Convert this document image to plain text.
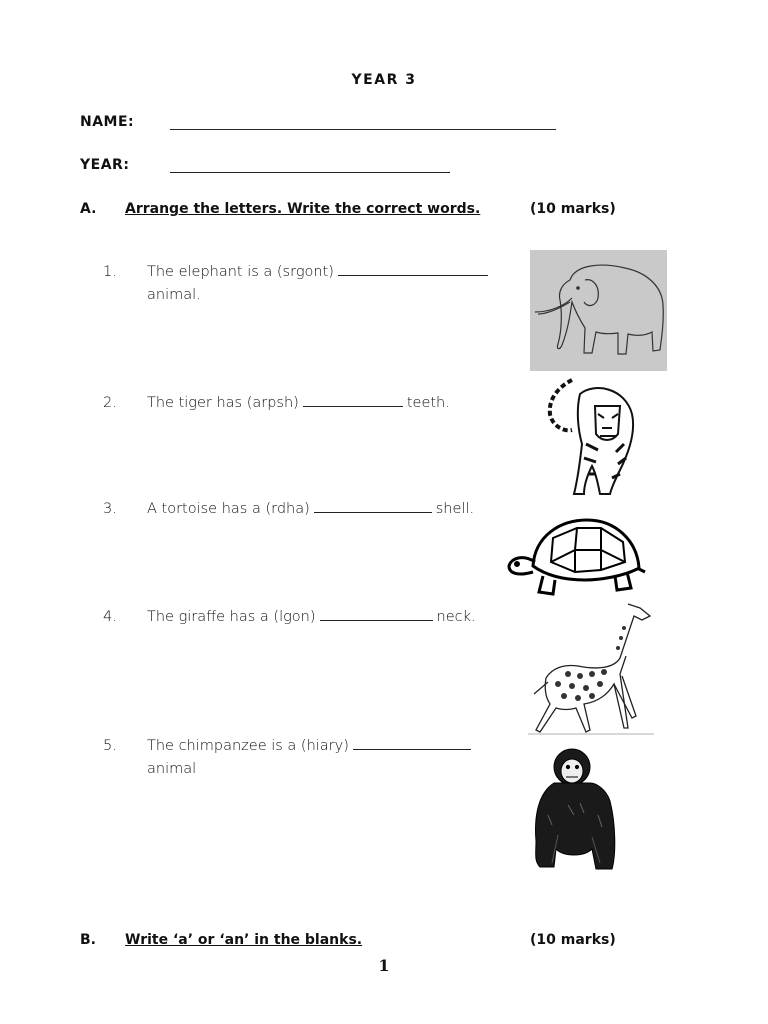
YEAR 3
NAME:
YEAR:
A. Arrange the letters. Write the correct words.	(10 marks)
1. The elephant is a (srgont)
animal.
2. The tiger has (arpsh)	teeth.
3. A tortoise has a (rdha)	shell.
4. The giraffe has a (lgon)	neck.
5. The chimpanzee is a (hiary)
animal
B. Write ‘a’ or ‘an’ in the blanks.	(10 marks)
1
